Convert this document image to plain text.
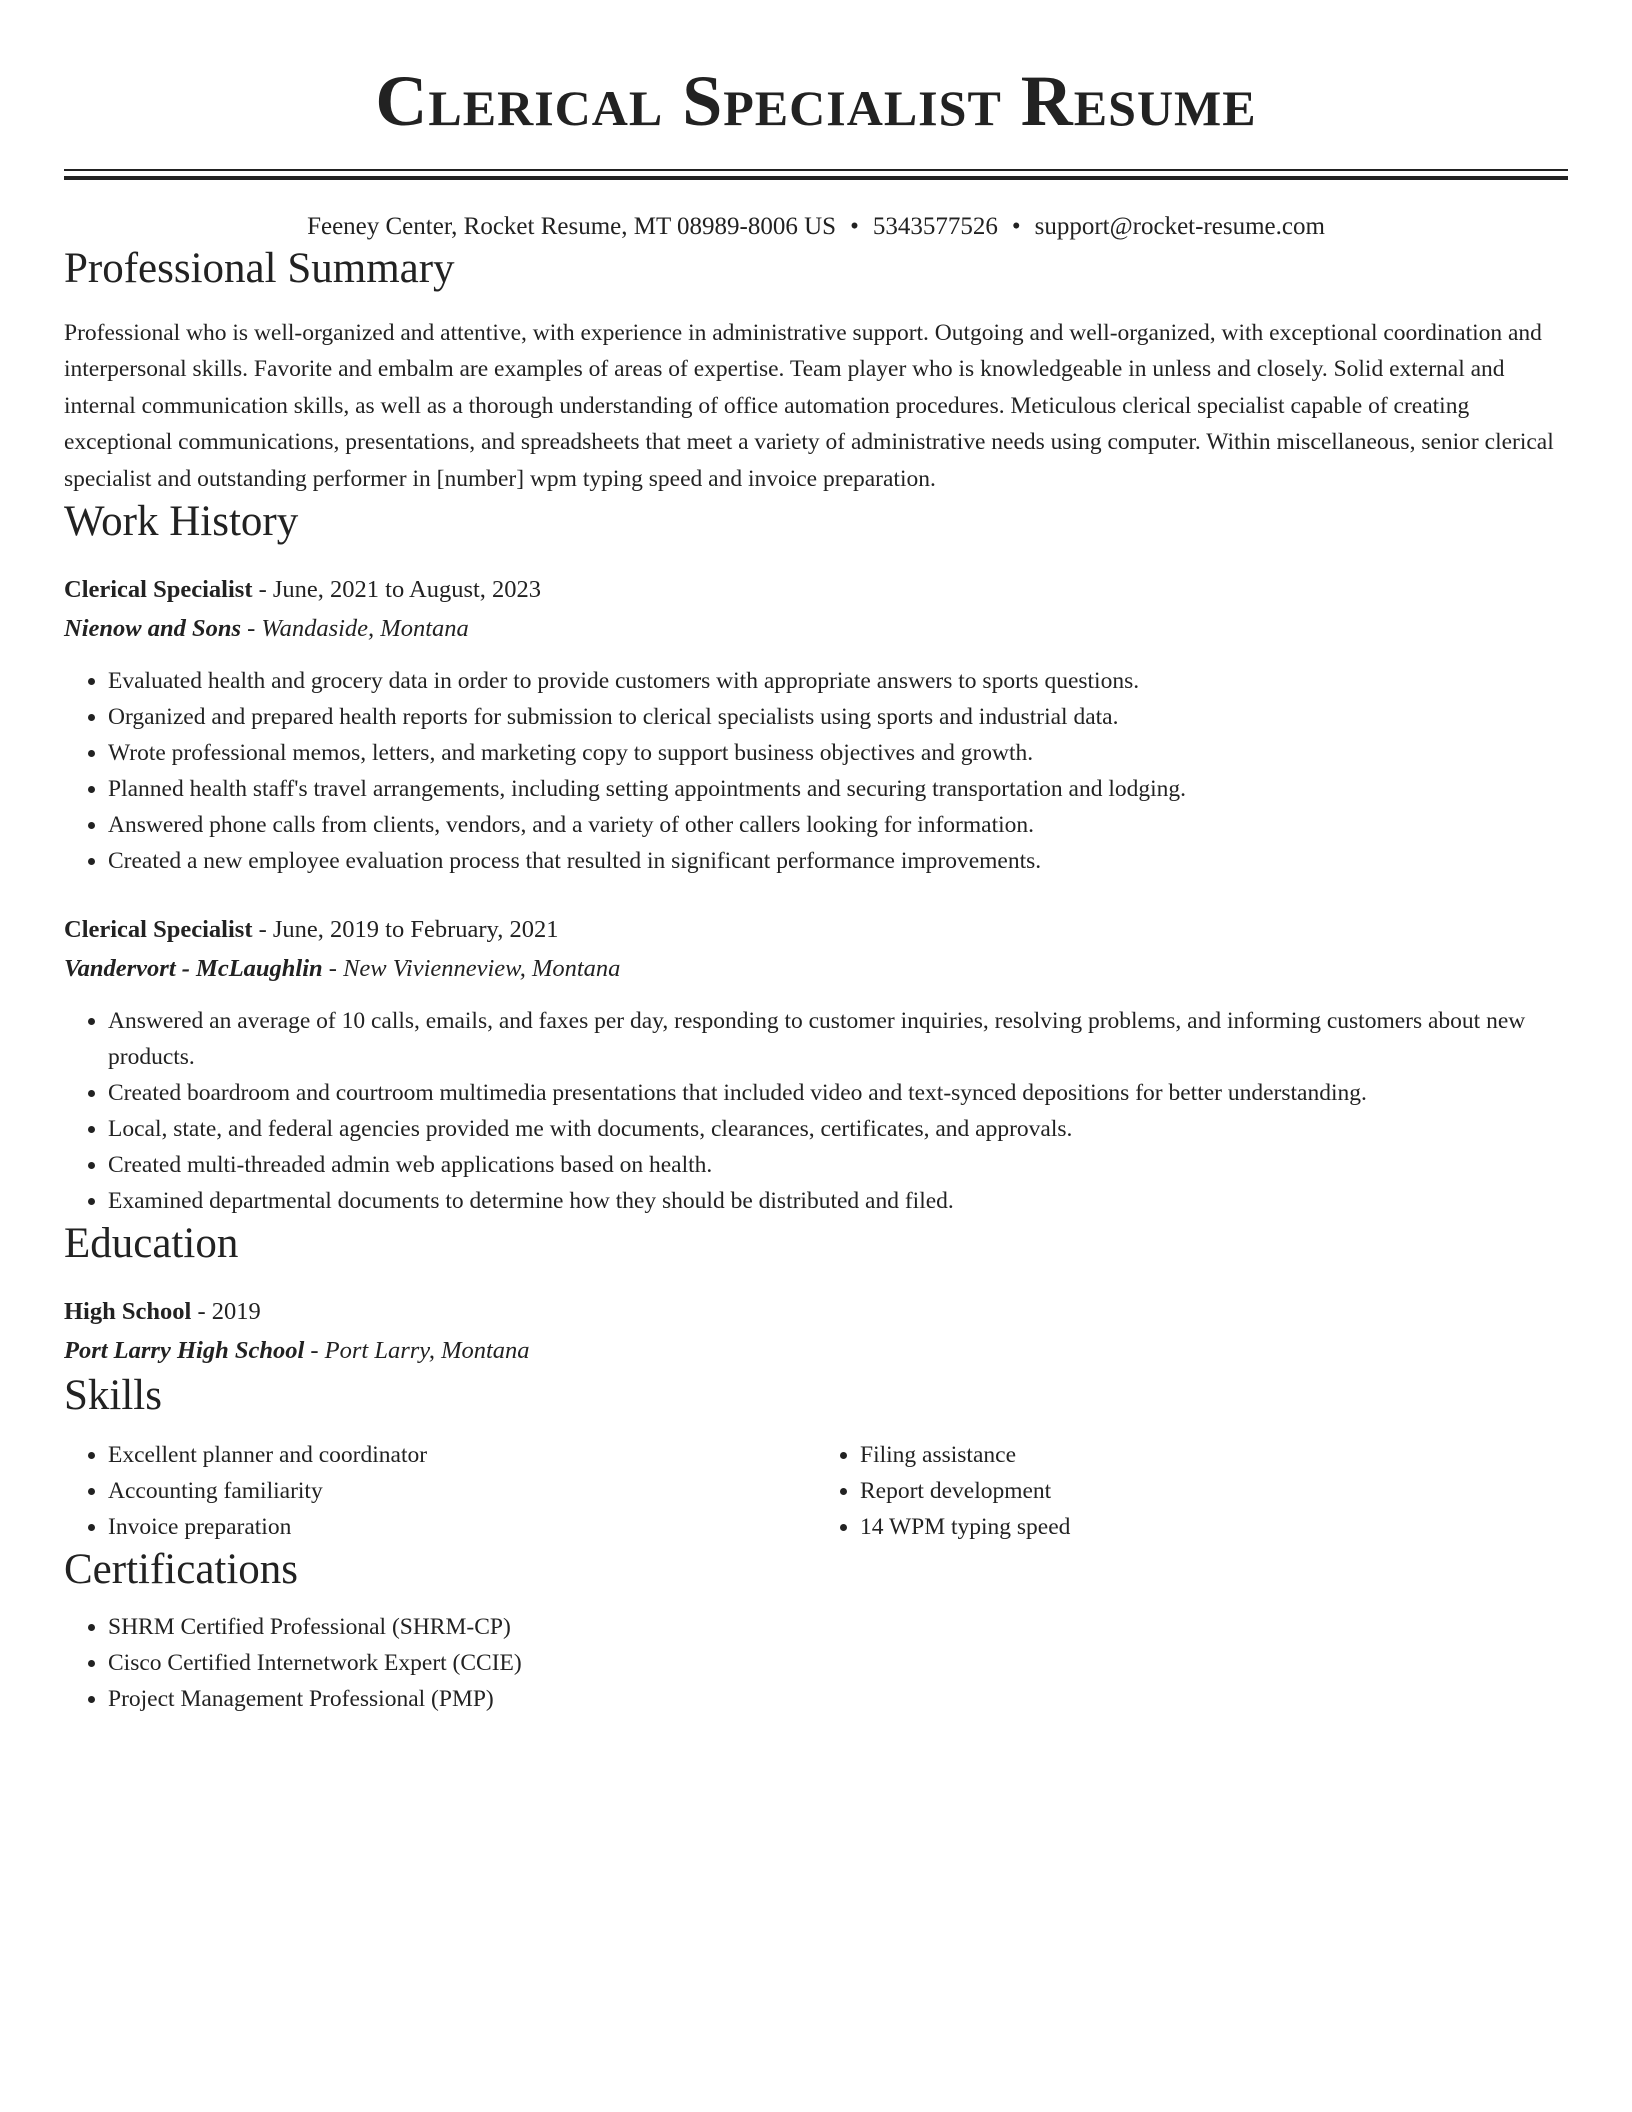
Clerical Specialist Resume
Feeney Center, Rocket Resume, MT 08989-8006 US • 5343577526 • support@rocket-resume.com
Professional Summary

Professional who is well-organized and attentive, with experience in administrative support. Outgoing and well-organized, with exceptional coordination and interpersonal skills. Favorite and embalm are examples of areas of expertise. Team player who is knowledgeable in unless and closely. Solid external and internal communication skills, as well as a thorough understanding of office automation procedures. Meticulous clerical specialist capable of creating exceptional communications, presentations, and spreadsheets that meet a variety of administrative needs using computer. Within miscellaneous, senior clerical specialist and outstanding performer in [number] wpm typing speed and invoice preparation.

Work History
Clerical Specialist - June, 2021 to August, 2023
Nienow and Sons - Wandaside, Montana
• Evaluated health and grocery data in order to provide customers with appropriate answers to sports questions.
• Organized and prepared health reports for submission to clerical specialists using sports and industrial data.
• Wrote professional memos, letters, and marketing copy to support business objectives and growth.
• Planned health staff's travel arrangements, including setting appointments and securing transportation and lodging.
• Answered phone calls from clients, vendors, and a variety of other callers looking for information.
• Created a new employee evaluation process that resulted in significant performance improvements.
Clerical Specialist - June, 2019 to February, 2021
Vandervort - McLaughlin - New Vivienneview, Montana
• Answered an average of 10 calls, emails, and faxes per day, responding to customer inquiries, resolving problems, and informing customers about new products.
• Created boardroom and courtroom multimedia presentations that included video and text-synced depositions for better understanding.
• Local, state, and federal agencies provided me with documents, clearances, certificates, and approvals.
• Created multi-threaded admin web applications based on health.
• Examined departmental documents to determine how they should be distributed and filed.
Education
High School - 2019
Port Larry High School - Port Larry, Montana
Skills
• Excellent planner and coordinator
• Accounting familiarity
• Invoice preparation
• Filing assistance
• Report development
• 14 WPM typing speed
Certifications
• SHRM Certified Professional (SHRM-CP)
• Cisco Certified Internetwork Expert (CCIE)
• Project Management Professional (PMP)
